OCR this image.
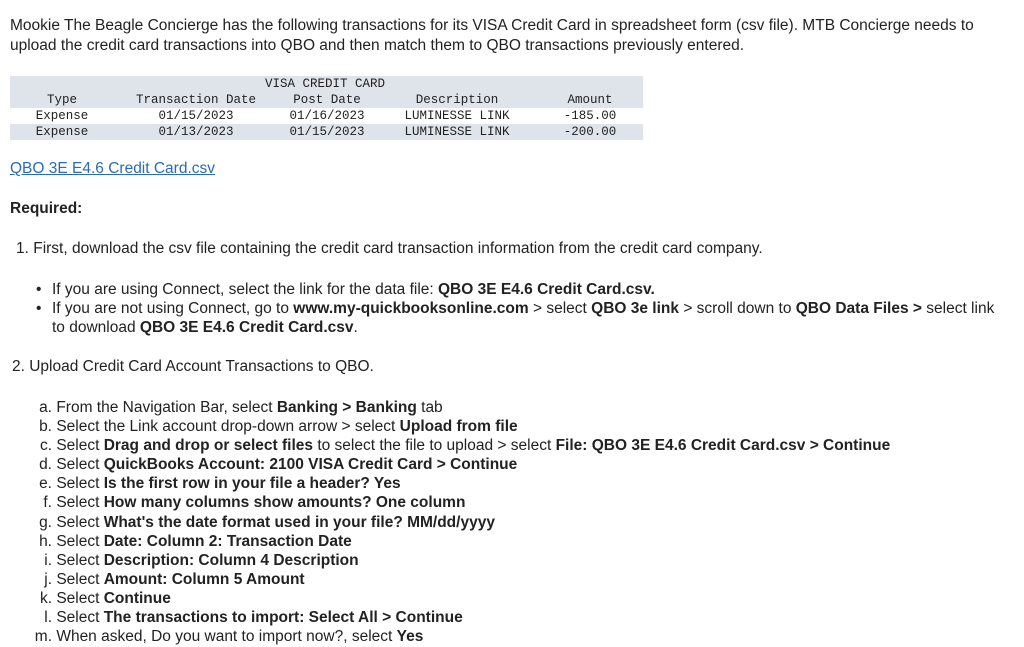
Mookie The Beagle Concierge has the following transactions for its VISA Credit Card in spreadsheet form (csv file). MTB Concierge needs to upload the credit card transactions into QBO and then match them to QBO transactions previously entered.

VISA CREDIT CARD
Type	Transaction Date	Post Date	Description	Amount
Expense	01/15/2023	01/16/2023	LUMINESSE LINK	-185.00
Expense	01/13/2023	01/15/2023	LUMINESSE LINK	-200.00
QBO 3E E4.6 Credit Card.csv

Required:

1. First, download the csv file containing the credit card transaction information from the credit card company.

• If you are using Connect, select the link for the data file: QBO 3E E4.6 Credit Card.csv.
• If you are not using Connect, go to www.my-quickbooksonline.com > select QBO 3e link > scroll down to QBO Data Files > select link to download QBO 3E E4.6 Credit Card.csv.

2. Upload Credit Card Account Transactions to QBO.

a. From the Navigation Bar, select Banking > Banking tab
b. Select the Link account drop-down arrow > select Upload from file
c. Select Drag and drop or select files to select the file to upload > select File: QBO 3E E4.6 Credit Card.csv > Continue
d. Select QuickBooks Account: 2100 VISA Credit Card > Continue
e. Select Is the first row in your file a header? Yes
f. Select How many columns show amounts? One column
g. Select What's the date format used in your file? MM/dd/yyyy
h. Select Date: Column 2: Transaction Date
i. Select Description: Column 4 Description
j. Select Amount: Column 5 Amount
k. Select Continue
l. Select The transactions to import: Select All > Continue
m. When asked, Do you want to import now?, select Yes
